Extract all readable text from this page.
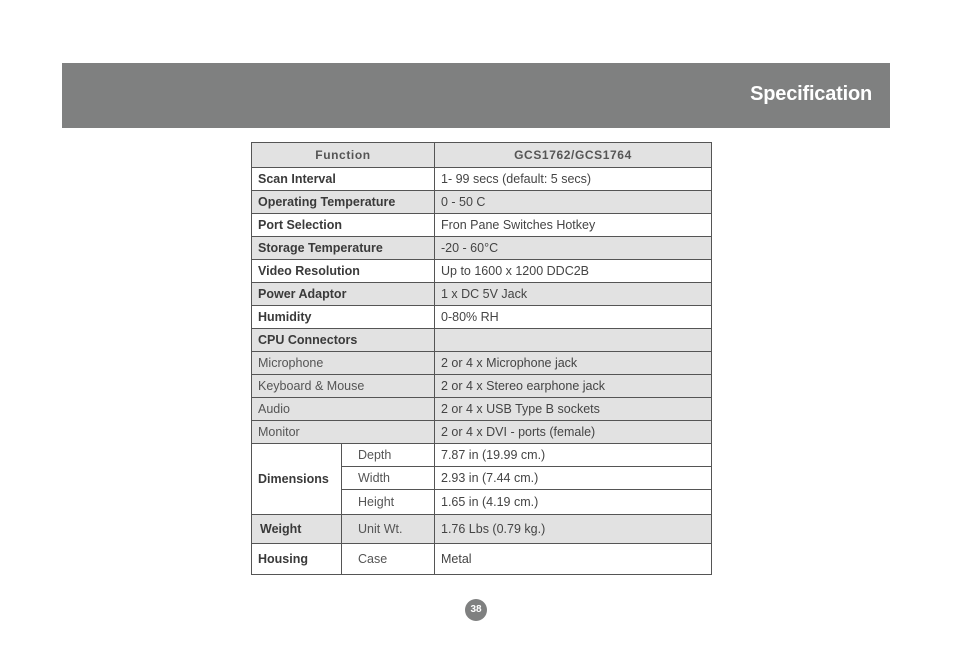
Specification
Function		GCS1762/GCS1764
Scan Interval		1- 99 secs (default: 5 secs)
Operating Temperature		0 - 50 C
Port Selection		Fron Pane Switches Hotkey
Storage Temperature		-20 - 60°C
Video Resolution		Up to 1600 x 1200 DDC2B
Power Adaptor		1 x DC 5V Jack
Humidity		0-80% RH
CPU Connectors		
Microphone		2 or 4 x Microphone jack
Keyboard & Mouse		2 or 4 x Stereo earphone jack
Audio		2 or 4 x USB Type B sockets
Monitor		2 or 4 x DVI - ports (female)
Dimensions	Depth	7.87 in (19.99 cm.)
	Width	2.93 in (7.44 cm.)
	Height	1.65 in (4.19 cm.)
Weight	Unit Wt.	1.76 Lbs (0.79 kg.)
Housing	Case	Metal
38
